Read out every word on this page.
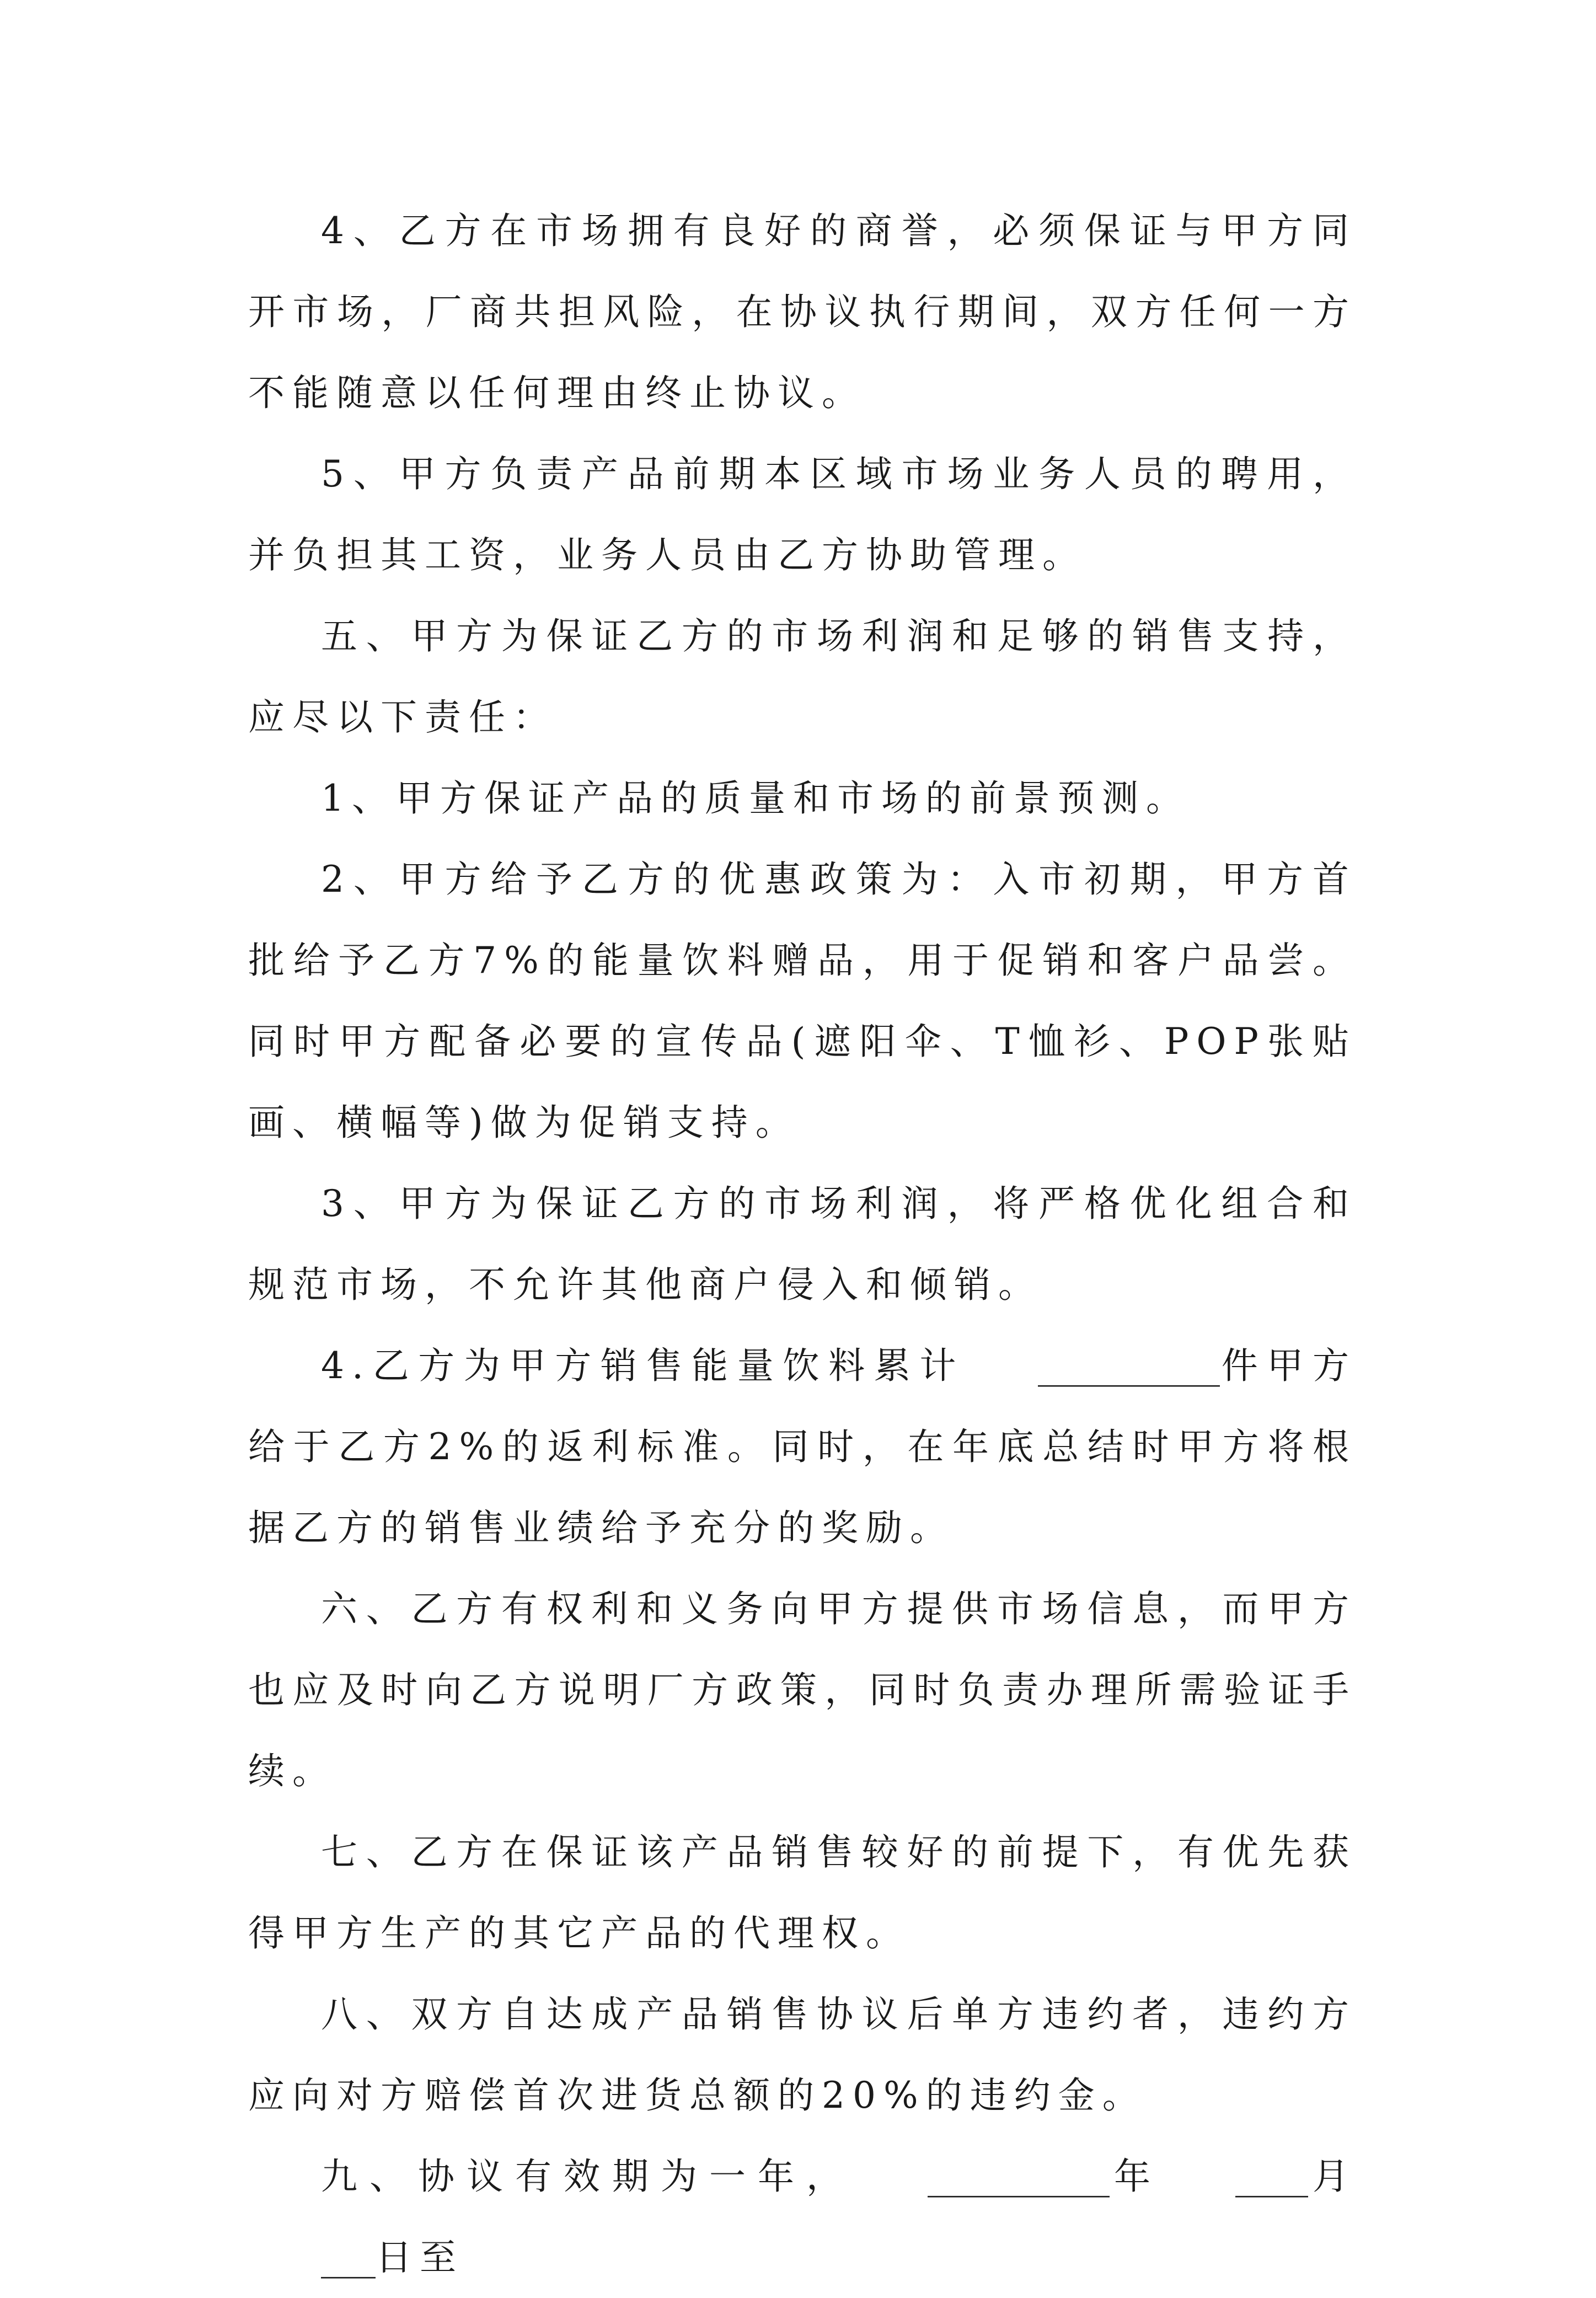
4、乙方在市场拥有良好的商誉，必须保证与甲方同开市场，厂商共担风险，在协议执行期间，双方任何一方不能随意以任何理由终止协议。

5、甲方负责产品前期本区域市场业务人员的聘用，并负担其工资，业务人员由乙方协助管理。

五、甲方为保证乙方的市场利润和足够的销售支持，应尽以下责任：

1、甲方保证产品的质量和市场的前景预测。

2、甲方给予乙方的优惠政策为：入市初期，甲方首批给予乙方7%的能量饮料赠品，用于促销和客户品尝。同时甲方配备必要的宣传品(遮阳伞、T恤衫、POP张贴画、横幅等)做为促销支持。

3、甲方为保证乙方的市场利润，将严格优化组合和规范市场，不允许其他商户侵入和倾销。

4.乙方为甲方销售能量饮料累计 __________件甲方给于乙方2%的返利标准。同时，在年底总结时甲方将根据乙方的销售业绩给予充分的奖励。

六、乙方有权利和义务向甲方提供市场信息，而甲方也应及时向乙方说明厂方政策，同时负责办理所需验证手续。

七、乙方在保证该产品销售较好的前提下，有优先获得甲方生产的其它产品的代理权。

八、双方自达成产品销售协议后单方违约者，违约方应向对方赔偿首次进货总额的20%的违约金。

九、协议有效期为一年， __________年 ____月___日至
